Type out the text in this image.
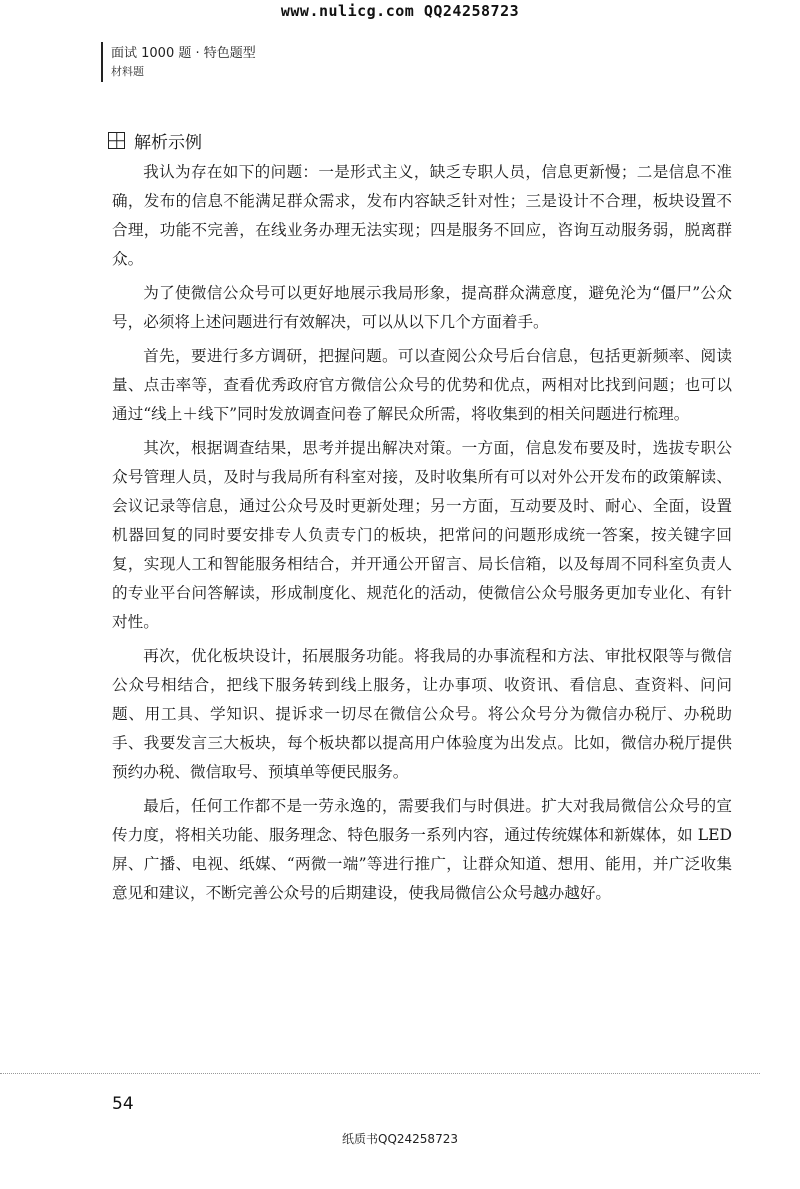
www.nulicg.com QQ24258723
面试 1000 题 · 特色题型
材料题
解析示例

我认为存在如下的问题：一是形式主义，缺乏专职人员，信息更新慢；二是信息不准确，发布的信息不能满足群众需求，发布内容缺乏针对性；三是设计不合理，板块设置不合理，功能不完善，在线业务办理无法实现；四是服务不回应，咨询互动服务弱，脱离群众。

为了使微信公众号可以更好地展示我局形象，提高群众满意度，避免沦为“僵尸”公众号，必须将上述问题进行有效解决，可以从以下几个方面着手。

首先，要进行多方调研，把握问题。可以查阅公众号后台信息，包括更新频率、阅读量、点击率等，查看优秀政府官方微信公众号的优势和优点，两相对比找到问题；也可以通过“线上＋线下”同时发放调查问卷了解民众所需，将收集到的相关问题进行梳理。

其次，根据调查结果，思考并提出解决对策。一方面，信息发布要及时，选拔专职公众号管理人员，及时与我局所有科室对接，及时收集所有可以对外公开发布的政策解读、会议记录等信息，通过公众号及时更新处理；另一方面，互动要及时、耐心、全面，设置机器回复的同时要安排专人负责专门的板块，把常问的问题形成统一答案，按关键字回复，实现人工和智能服务相结合，并开通公开留言、局长信箱，以及每周不同科室负责人的专业平台问答解读，形成制度化、规范化的活动，使微信公众号服务更加专业化、有针对性。

再次，优化板块设计，拓展服务功能。将我局的办事流程和方法、审批权限等与微信公众号相结合，把线下服务转到线上服务，让办事项、收资讯、看信息、查资料、问问题、用工具、学知识、提诉求一切尽在微信公众号。将公众号分为微信办税厅、办税助手、我要发言三大板块，每个板块都以提高用户体验度为出发点。比如，微信办税厅提供预约办税、微信取号、预填单等便民服务。

最后，任何工作都不是一劳永逸的，需要我们与时俱进。扩大对我局微信公众号的宣传力度，将相关功能、服务理念、特色服务一系列内容，通过传统媒体和新媒体，如 LED 屏、广播、电视、纸媒、“两微一端”等进行推广，让群众知道、想用、能用，并广泛收集意见和建议，不断完善公众号的后期建设，使我局微信公众号越办越好。

54
纸质书QQ24258723
